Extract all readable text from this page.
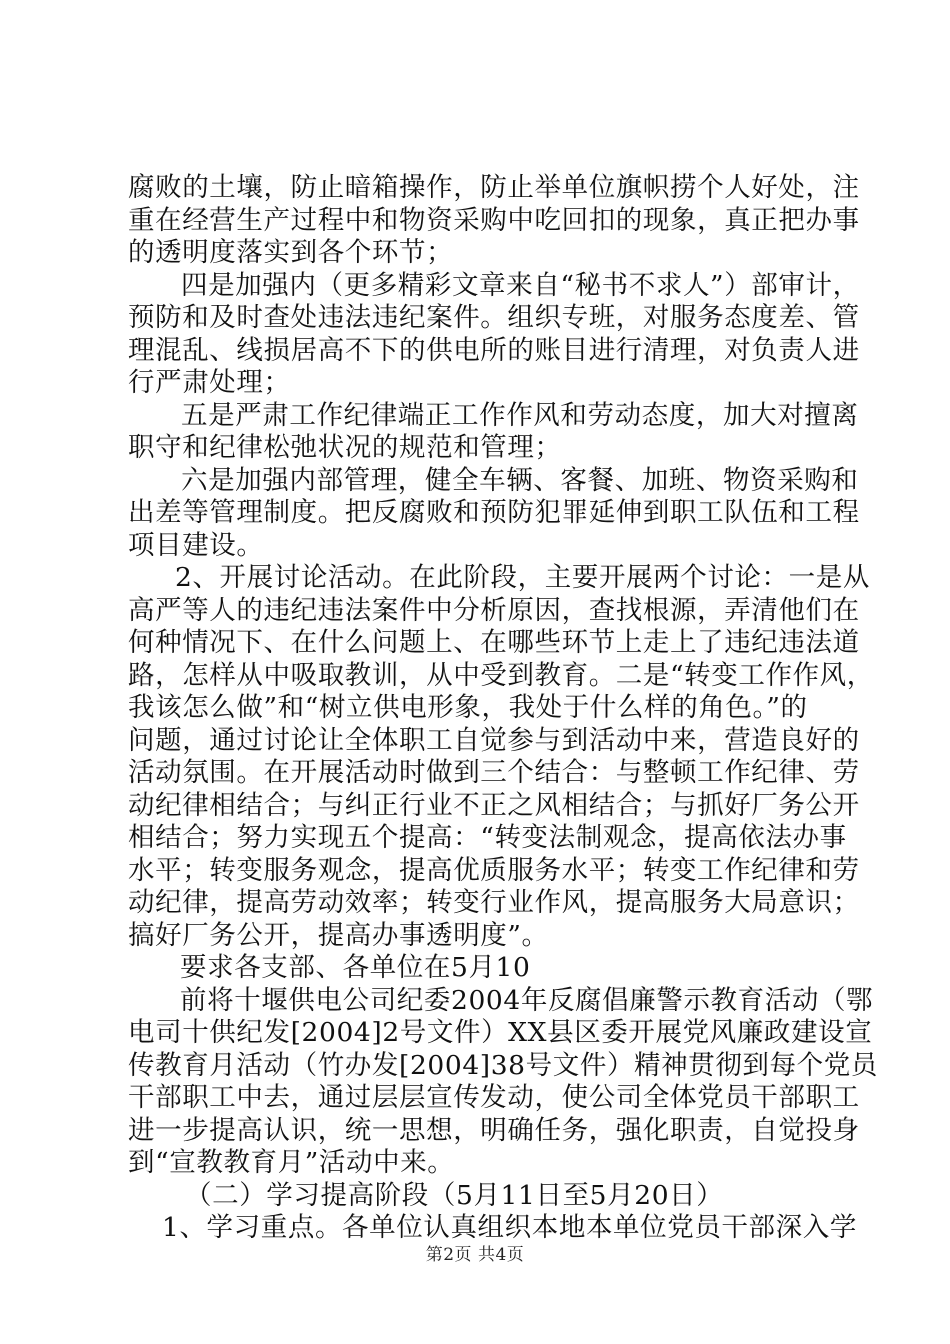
腐败的土壤，防止暗箱操作，防止举单位旗帜捞个人好处，注
重在经营生产过程中和物资采购中吃回扣的现象，真正把办事
的透明度落实到各个环节；
四是加强内（更多精彩文章来自“秘书不求人”）部审计，
预防和及时查处违法违纪案件。组织专班，对服务态度差、管
理混乱、线损居高不下的供电所的账目进行清理，对负责人进
行严肃处理；
五是严肃工作纪律端正工作作风和劳动态度，加大对擅离
职守和纪律松弛状况的规范和管理；
六是加强内部管理，健全车辆、客餐、加班、物资采购和
出差等管理制度。把反腐败和预防犯罪延伸到职工队伍和工程
项目建设。
2、开展讨论活动。在此阶段，主要开展两个讨论：一是从
高严等人的违纪违法案件中分析原因，查找根源，弄清他们在
何种情况下、在什么问题上、在哪些环节上走上了违纪违法道
路，怎样从中吸取教训，从中受到教育。二是“转变工作作风，
我该怎么做”和“树立供电形象，我处于什么样的角色。”的
问题，通过讨论让全体职工自觉参与到活动中来，营造良好的
活动氛围。在开展活动时做到三个结合：与整顿工作纪律、劳
动纪律相结合；与纠正行业不正之风相结合；与抓好厂务公开
相结合；努力实现五个提高：“转变法制观念，提高依法办事
水平；转变服务观念，提高优质服务水平；转变工作纪律和劳
动纪律，提高劳动效率；转变行业作风，提高服务大局意识；
搞好厂务公开，提高办事透明度”。
要求各支部、各单位在5月10
前将十堰供电公司纪委2004年反腐倡廉警示教育活动（鄂
电司十供纪发[2004]2号文件）XX县区委开展党风廉政建设宣
传教育月活动（竹办发[2004]38号文件）精神贯彻到每个党员
干部职工中去，通过层层宣传发动，使公司全体党员干部职工
进一步提高认识，统一思想，明确任务，强化职责，自觉投身
到“宣教教育月”活动中来。
（二）学习提高阶段（5月11日至5月20日）
1、学习重点。各单位认真组织本地本单位党员干部深入学
第2页 共4页
